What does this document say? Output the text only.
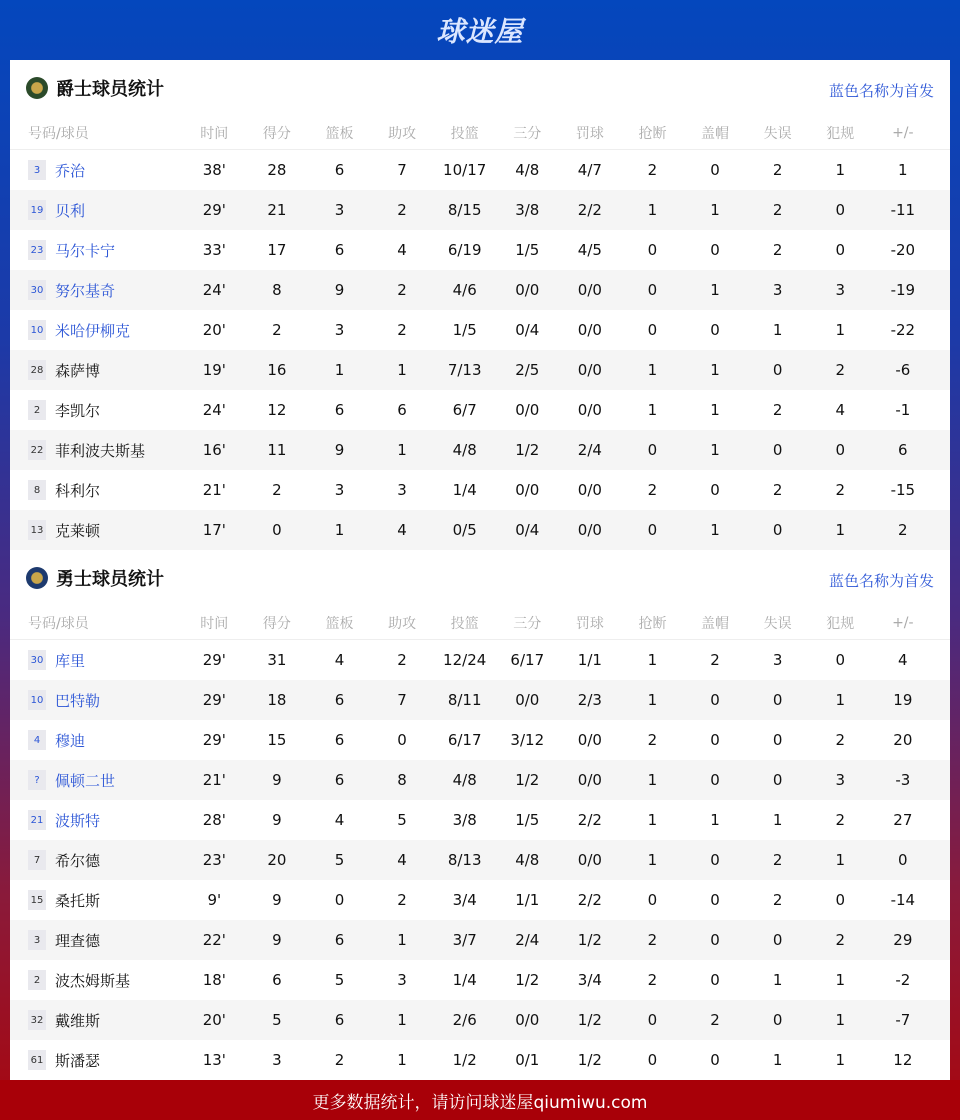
球迷屋
爵士球员统计	蓝色名称为首发
号码/球员	时间	得分	篮板	助攻	投篮	三分	罚球	抢断	盖帽	失误	犯规	+/-
3 乔治	38'	28	6	7	10/17	4/8	4/7	2	0	2	1	1
19 贝利	29'	21	3	2	8/15	3/8	2/2	1	1	2	0	-11
23 马尔卡宁	33'	17	6	4	6/19	1/5	4/5	0	0	2	0	-20
30 努尔基奇	24'	8	9	2	4/6	0/0	0/0	0	1	3	3	-19
10 米哈伊柳克	20'	2	3	2	1/5	0/4	0/0	0	0	1	1	-22
28 森萨博	19'	16	1	1	7/13	2/5	0/0	1	1	0	2	-6
2 李凯尔	24'	12	6	6	6/7	0/0	0/0	1	1	2	4	-1
22 菲利波夫斯基	16'	11	9	1	4/8	1/2	2/4	0	1	0	0	6
8 科利尔	21'	2	3	3	1/4	0/0	0/0	2	0	2	2	-15
13 克莱顿	17'	0	1	4	0/5	0/4	0/0	0	1	0	1	2
勇士球员统计	蓝色名称为首发
号码/球员	时间	得分	篮板	助攻	投篮	三分	罚球	抢断	盖帽	失误	犯规	+/-
30 库里	29'	31	4	2	12/24	6/17	1/1	1	2	3	0	4
10 巴特勒	29'	18	6	7	8/11	0/0	2/3	1	0	0	1	19
4 穆迪	29'	15	6	0	6/17	3/12	0/0	2	0	0	2	20
?	佩顿二世	21'	9	6	8	4/8	1/2	0/0	1	0	0	3	-3
21 波斯特	28'	9	4	5	3/8	1/5	2/2	1	1	1	2	27
7 希尔德	23'	20	5	4	8/13	4/8	0/0	1	0	2	1	0
15 桑托斯	9'	9	0	2	3/4	1/1	2/2	0	0	2	0	-14
3 理查德	22'	9	6	1	3/7	2/4	1/2	2	0	0	2	29
2 波杰姆斯基	18'	6	5	3	1/4	1/2	3/4	2	0	1	1	-2
32 戴维斯	20'	5	6	1	2/6	0/0	1/2	0	2	0	1	-7
61 斯潘瑟	13'	3	2	1	1/2	0/1	1/2	0	0	1	1	12
更多数据统计，请访问球迷屋qiumiwu.com
